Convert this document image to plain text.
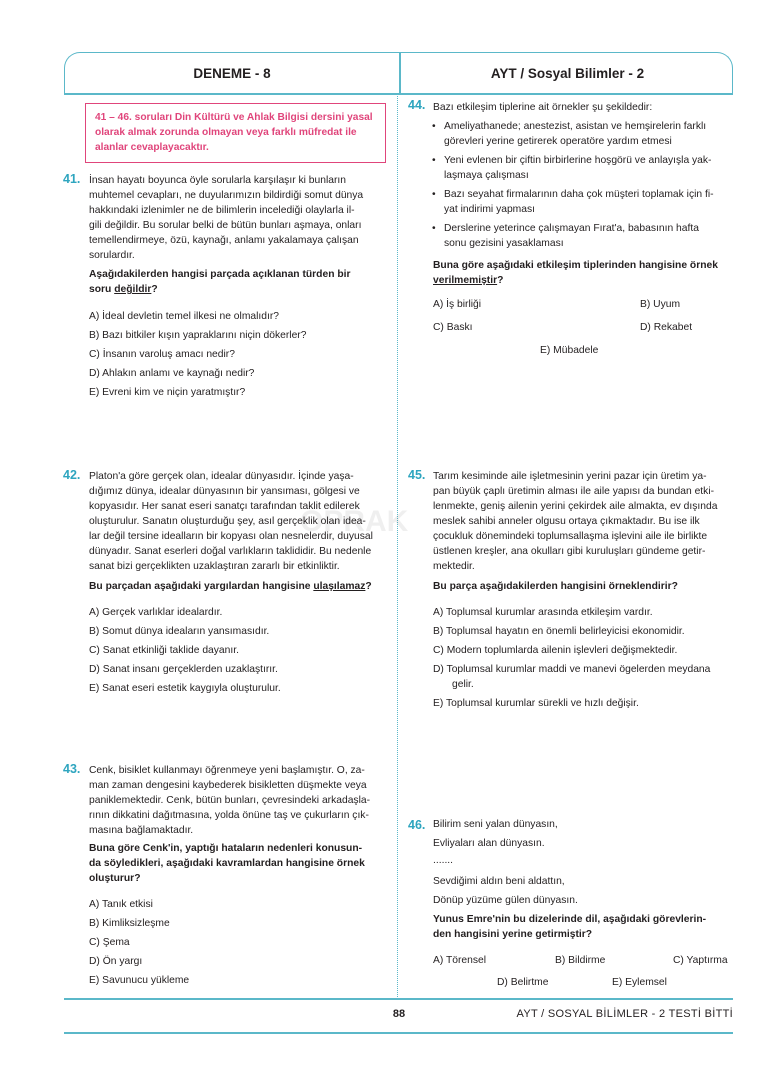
DENEME - 8	AYT / Sosyal Bilimler - 2
OPRAK
41 – 46. soruları Din Kültürü ve Ahlak Bilgisi dersini yasal olarak almak zorunda olmayan veya farklı müfredat ile alanlar cevaplayacaktır.
41. İnsan hayatı boyunca öyle sorularla karşılaşır ki bunların
muhtemel cevapları, ne duyularımızın bildirdiği somut dünya
hakkındaki izlenimler ne de bilimlerin incelediği olaylarla il-
gili değildir. Bu sorular belki de bütün bunları aşmaya, onları
temellendirmeye, özü, kaynağı, anlamı yakalamaya çalışan
sorulardır.
Aşağıdakilerden hangisi parçada açıklanan türden bir
soru değildir?
A) İdeal devletin temel ilkesi ne olmalıdır?
B) Bazı bitkiler kışın yapraklarını niçin dökerler?
C) İnsanın varoluş amacı nedir?
D) Ahlakın anlamı ve kaynağı nedir?
E) Evreni kim ve niçin yaratmıştır?
42. Platon'a göre gerçek olan, idealar dünyasıdır. İçinde yaşa-
dığımız dünya, idealar dünyasının bir yansıması, gölgesi ve
kopyasıdır. Her sanat eseri sanatçı tarafından taklit edilerek
oluşturulur. Sanatın oluşturduğu şey, asıl gerçeklik olan idea-
lar değil tersine idealların bir kopyası olan nesnelerdir, duyusal
dünyadır. Sanat eserleri doğal varlıkların taklididir. Bu nedenle
sanat bizi gerçeklikten uzaklaştıran zararlı bir etkinliktir.
Bu parçadan aşağıdaki yargılardan hangisine ulaşılamaz?
A) Gerçek varlıklar idealardır.
B) Somut dünya ideaların yansımasıdır.
C) Sanat etkinliği taklide dayanır.
D) Sanat insanı gerçeklerden uzaklaştırır.
E) Sanat eseri estetik kaygıyla oluşturulur.
43. Cenk, bisiklet kullanmayı öğrenmeye yeni başlamıştır. O, za-
man zaman dengesini kaybederek bisikletten düşmekte veya
paniklemektedir. Cenk, bütün bunları, çevresindeki arkadaşla-
rının dikkatini dağıtmasına, yolda önüne taş ve çukurların çık-
masına bağlamaktadır.
Buna göre Cenk'in, yaptığı hataların nedenleri konusun-
da söyledikleri, aşağıdaki kavramlardan hangisine örnek
oluşturur?
A) Tanık etkisi
B) Kimliksizleşme
C) Şema
D) Ön yargı
E) Savunucu yükleme
44. Bazı etkileşim tiplerine ait örnekler şu şekildedir:
• Ameliyathanede; anestezist, asistan ve hemşirelerin farklı
görevleri yerine getirerek operatöre yardım etmesi
• Yeni evlenen bir çiftin birbirlerine hoşgörü ve anlayışla yak-
laşmaya çalışması
• Bazı seyahat firmalarının daha çok müşteri toplamak için fi-
yat indirimi yapması
• Derslerine yeterince çalışmayan Fırat'a, babasının hafta
sonu gezisini yasaklaması
Buna göre aşağıdaki etkileşim tiplerinden hangisine örnek
verilmemiştir?
A) İş birliği	B) Uyum
C) Baskı	D) Rekabet
E) Mübadele
45. Tarım kesiminde aile işletmesinin yerini pazar için üretim ya-
pan büyük çaplı üretimin alması ile aile yapısı da bundan etki-
lenmekte, geniş ailenin yerini çekirdek aile almakta, ev dışında
meslek sahibi anneler olgusu ortaya çıkmaktadır. Bu ise ilk
çocukluk dönemindeki toplumsallaşma işlevini aile ile birlikte
üstlenen kreşler, ana okulları gibi kuruluşları gündeme getir-
mektedir.
Bu parça aşağıdakilerden hangisini örneklendirir?
A) Toplumsal kurumlar arasında etkileşim vardır.
B) Toplumsal hayatın en önemli belirleyicisi ekonomidir.
C) Modern toplumlarda ailenin işlevleri değişmektedir.
D) Toplumsal kurumlar maddi ve manevi ögelerden meydana
gelir.
E) Toplumsal kurumlar sürekli ve hızlı değişir.
46. Bilirim seni yalan dünyasın,
Evliyaları alan dünyasın.
.......
Sevdiğimi aldın beni aldattın,
Dönüp yüzüme gülen dünyasın.
Yunus Emre'nin bu dizelerinde dil, aşağıdaki görevlerin-
den hangisini yerine getirmiştir?
A) Törensel	B) Bildirme	C) Yaptırma
D) Belirtme	E) Eylemsel
88	AYT / SOSYAL BİLİMLER - 2 TESTİ BİTTİ
